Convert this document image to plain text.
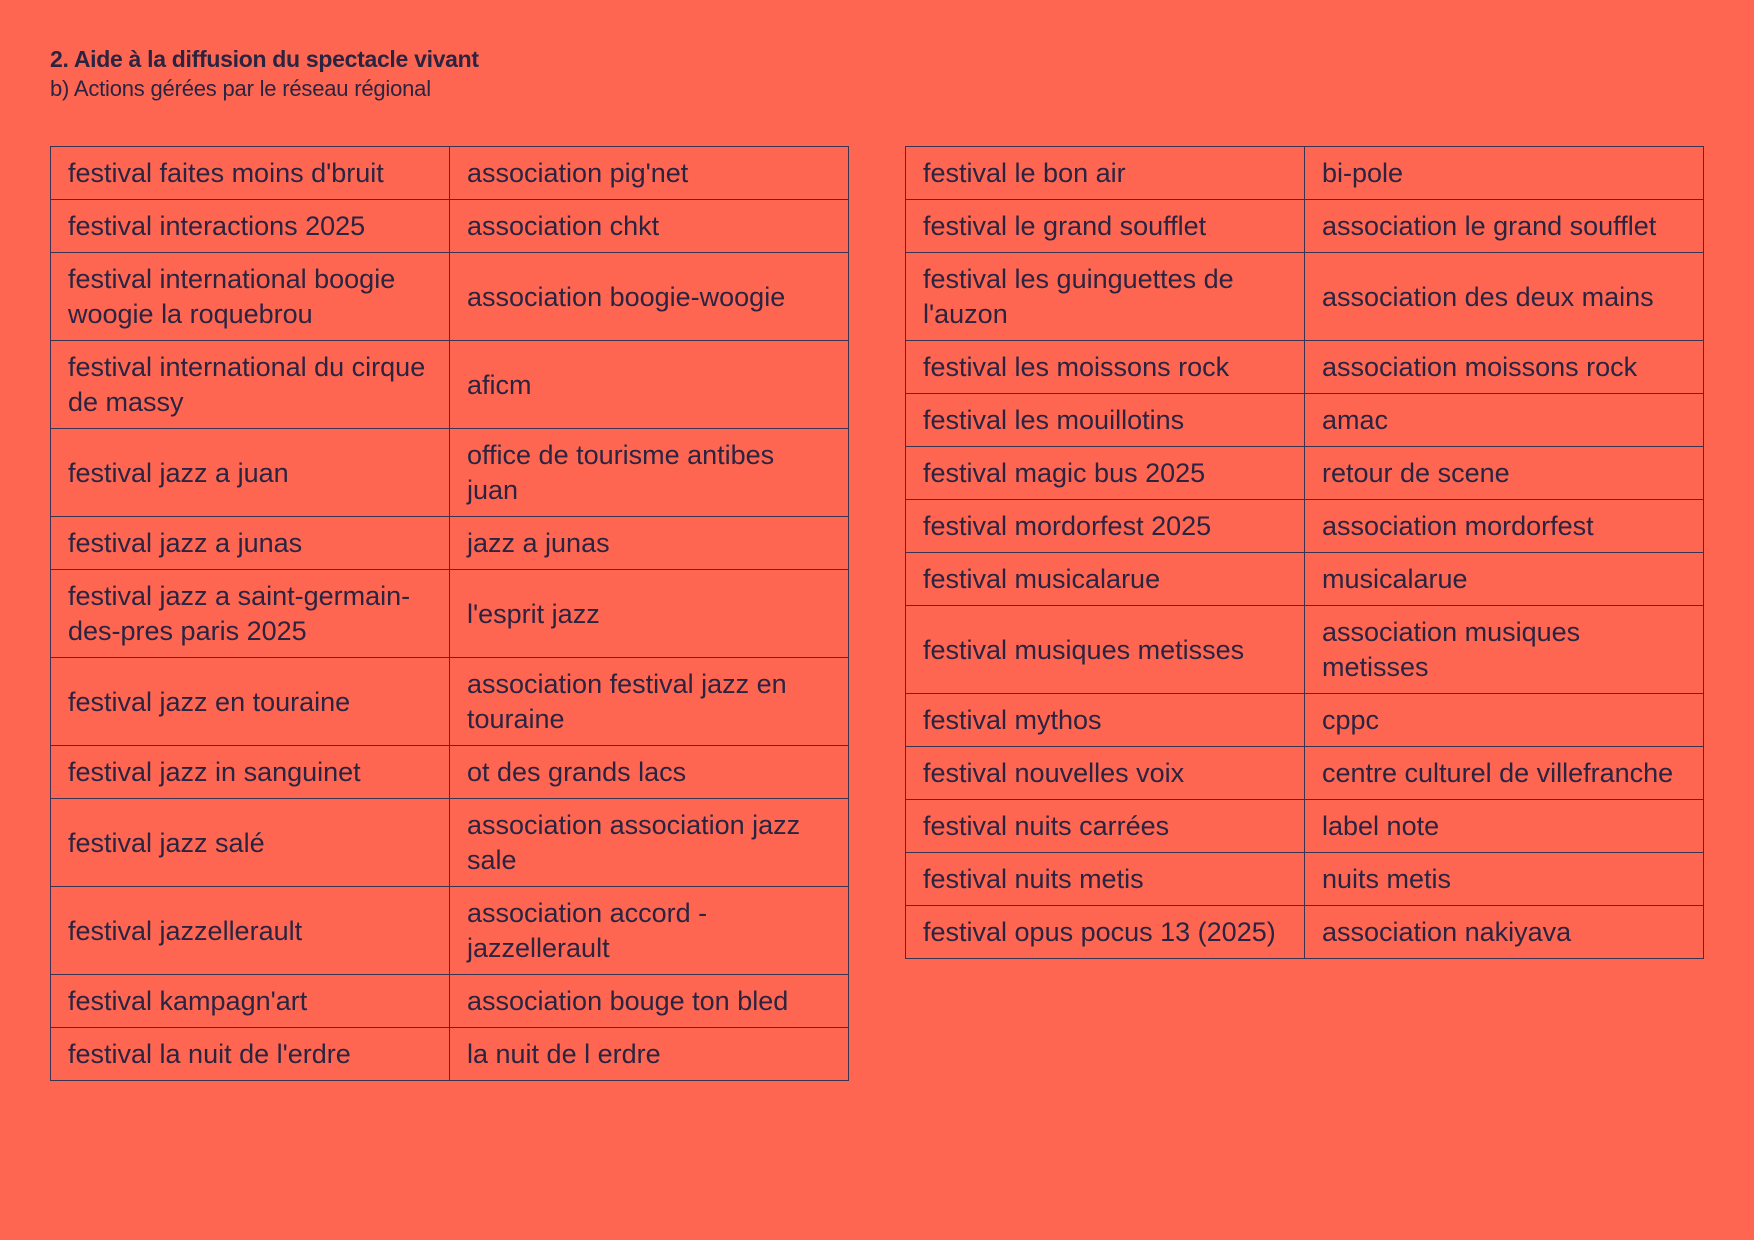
2. Aide à la diffusion du spectacle vivant
b) Actions gérées par le réseau régional
festival faites moins d'bruit	association pig'net
festival interactions 2025	association chkt
festival international boogie woogie la roquebrou	association boogie-woogie
festival international du cirque de massy	aficm
festival jazz a juan	office de tourisme antibes juan
festival jazz a junas	jazz a junas
festival jazz a saint-germain-des-pres paris 2025	l'esprit jazz
festival jazz en touraine	association festival jazz en touraine
festival jazz in sanguinet	ot des grands lacs
festival jazz salé	association association jazz sale
festival jazzellerault	association accord - jazzellerault
festival kampagn'art	association bouge ton bled
festival la nuit de l'erdre	la nuit de l erdre
festival le bon air	bi-pole
festival le grand soufflet	association le grand soufflet
festival les guinguettes de l'auzon	association des deux mains
festival les moissons rock	association moissons rock
festival les mouillotins	amac
festival magic bus 2025	retour de scene
festival mordorfest 2025	association mordorfest
festival musicalarue	musicalarue
festival musiques metisses	association musiques metisses
festival mythos	cppc
festival nouvelles voix	centre culturel de villefranche
festival nuits carrées	label note
festival nuits metis	nuits metis
festival opus pocus 13 (2025)	association nakiyava
